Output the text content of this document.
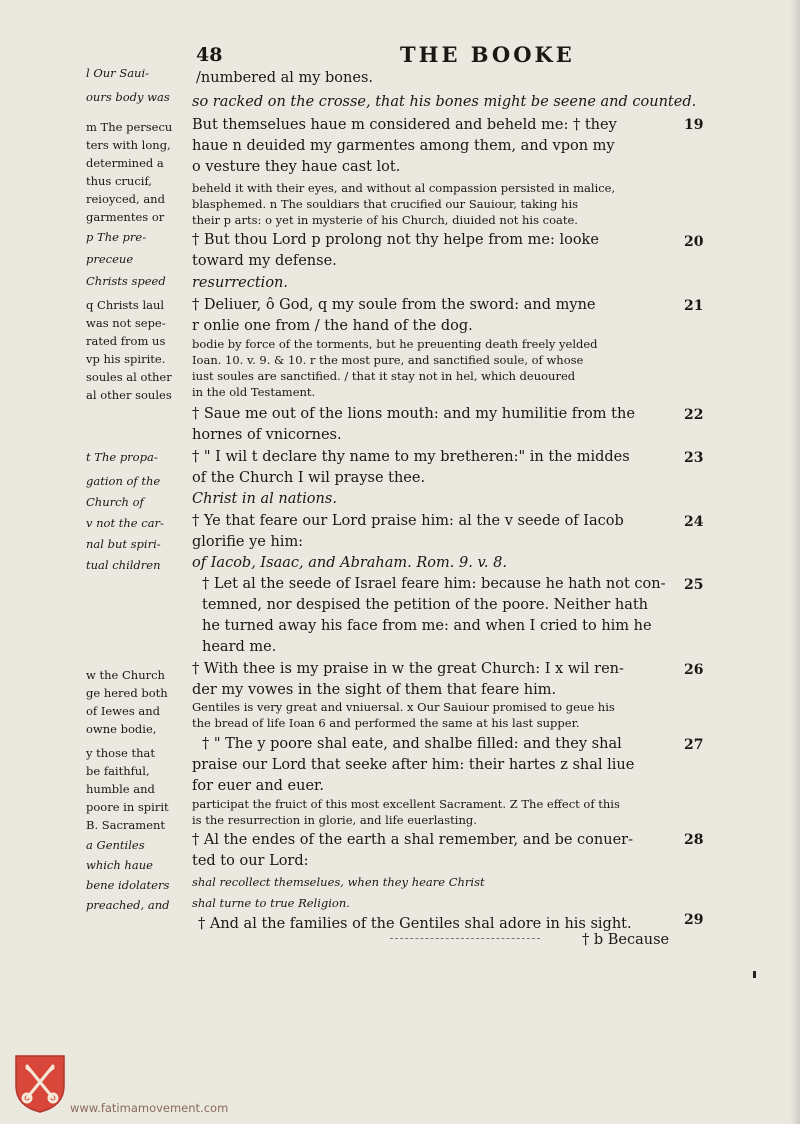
48	THE BOOKE
l Our Saui-
ours body was
m The persecu
ters with long,
determined a
thus crucif,
reioyced, and
garmentes or
p The pre-
preceue
Christs speed
q Christs laul
was not sepe-
rated from us
vp his spirite.
soules al other
al other soules
t The propa-
gation of the
Church of
v not the car-
nal but spiri-
tual children
w the Church
ge hered both
of Iewes and
owne bodie,
y those that
be faithful,
humble and
poore in spirit
B. Sacrament
a Gentiles
which haue
bene idolaters
preached, and
/numbered al my bones.
so racked on the crosse, that his bones might be seene and counted.
But themselues haue m considered and beheld me: † they
haue n deuided my garmentes among them, and vpon my
o vesture they haue cast lot.
beheld it with their eyes, and without al compassion persisted in malice,
blasphemed. n The souldiars that crucified our Sauiour, taking his
their p arts: o yet in mysterie of his Church, diuided not his coate.
† But thou Lord p prolong not thy helpe from me: looke
toward my defense.
resurrection.
† Deliuer, ô God, q my soule from the sword: and myne
r onlie one from / the hand of the dog.
bodie by force of the torments, but he preuenting death freely yelded
Ioan. 10. v. 9. & 10. r the most pure, and sanctified soule, of whose
iust soules are sanctified. / that it stay not in hel, which deuoured
in the old Testament.
† Saue me out of the lions mouth: and my humilitie from the
hornes of vnicornes.
† " I wil t declare thy name to my bretheren:" in the middes
of the Church I wil prayse thee.
Christ in al nations.
† Ye that feare our Lord praise him: al the v seede of Iacob
glorifie ye him:
of Iacob, Isaac, and Abraham. Rom. 9. v. 8.
† Let al the seede of Israel feare him: because he hath not con-
temned, nor despised the petition of the poore. Neither hath
he turned away his face from me: and when I cried to him he
heard me.
† With thee is my praise in w the great Church: I x wil ren-
der my vowes in the sight of them that feare him.
Gentiles is very great and vniuersal. x Our Sauiour promised to geue his
the bread of life Ioan 6 and performed the same at his last supper.
† " The y poore shal eate, and shalbe filled: and they shal
praise our Lord that seeke after him: their hartes z shal liue
for euer and euer.
participat the fruict of this most excellent Sacrament. Z The effect of this
is the resurrection in glorie, and life euerlasting.
† Al the endes of the earth a shal remember, and be conuer-
ted to our Lord:
shal recollect themselues, when they heare Christ
shal turne to true Religion.
† And al the families of the Gentiles shal adore in his sight.
19
20
21
22
23
24
25
26
27
28
29
† b Because
www.fatimamovement.com
